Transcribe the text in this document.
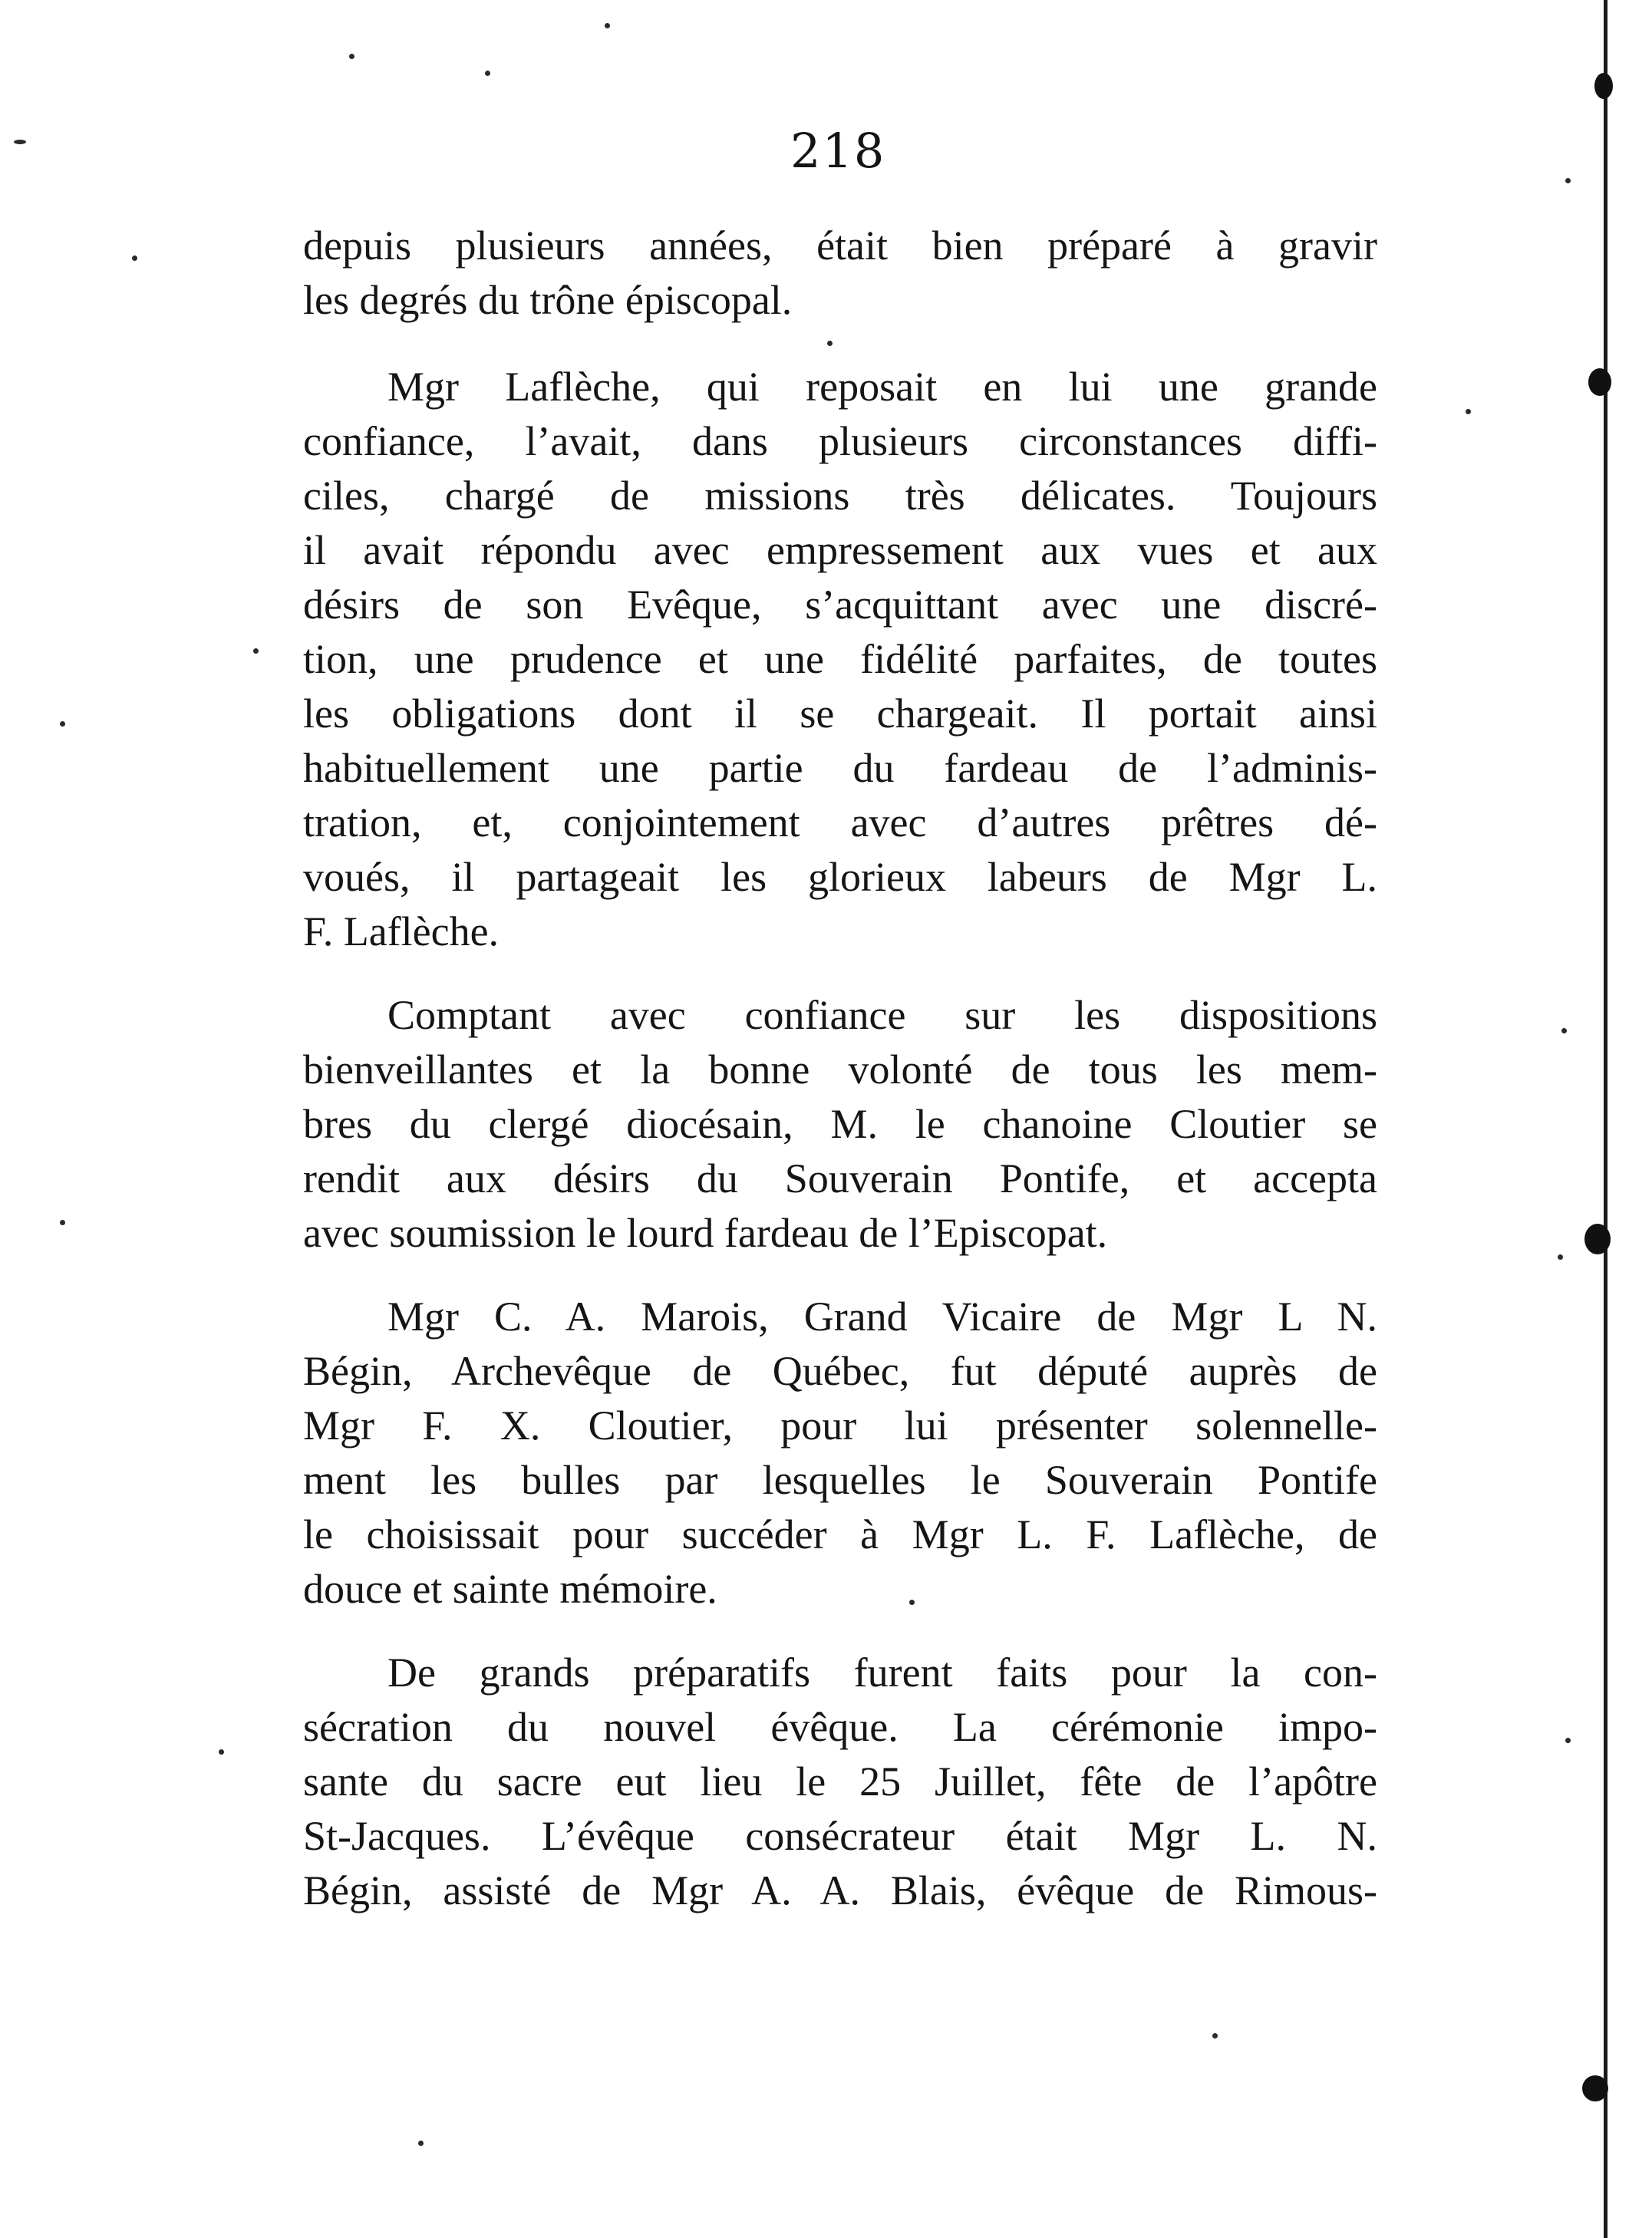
218
depuis plusieurs années, était bien préparé à gravir
les degrés du trône épiscopal.
Mgr Laflèche, qui reposait en lui une grande
confiance, l’avait, dans plusieurs circonstances diffi-
ciles, chargé de missions très délicates. Toujours
il avait répondu avec empressement aux vues et aux
désirs de son Evêque, s’acquittant avec une discré-
tion, une prudence et une fidélité parfaites, de toutes
les obligations dont il se chargeait. Il portait ainsi
habituellement une partie du fardeau de l’adminis-
tration, et, conjointement avec d’autres prêtres dé-
voués, il partageait les glorieux labeurs de Mgr L.
F. Laflèche.
Comptant avec confiance sur les dispositions
bienveillantes et la bonne volonté de tous les mem-
bres du clergé diocésain, M. le chanoine Cloutier se
rendit aux désirs du Souverain Pontife, et accepta
avec soumission le lourd fardeau de l’Episcopat.
Mgr C. A. Marois, Grand Vicaire de Mgr L N.
Bégin, Archevêque de Québec, fut député auprès de
Mgr F. X. Cloutier, pour lui présenter solennelle-
ment les bulles par lesquelles le Souverain Pontife
le choisissait pour succéder à Mgr L. F. Laflèche, de
douce et sainte mémoire.
De grands préparatifs furent faits pour la con-
sécration du nouvel évêque. La cérémonie impo-
sante du sacre eut lieu le 25 Juillet, fête de l’apôtre
St-Jacques. L’évêque consécrateur était Mgr L. N.
Bégin, assisté de Mgr A. A. Blais, évêque de Rimous-
